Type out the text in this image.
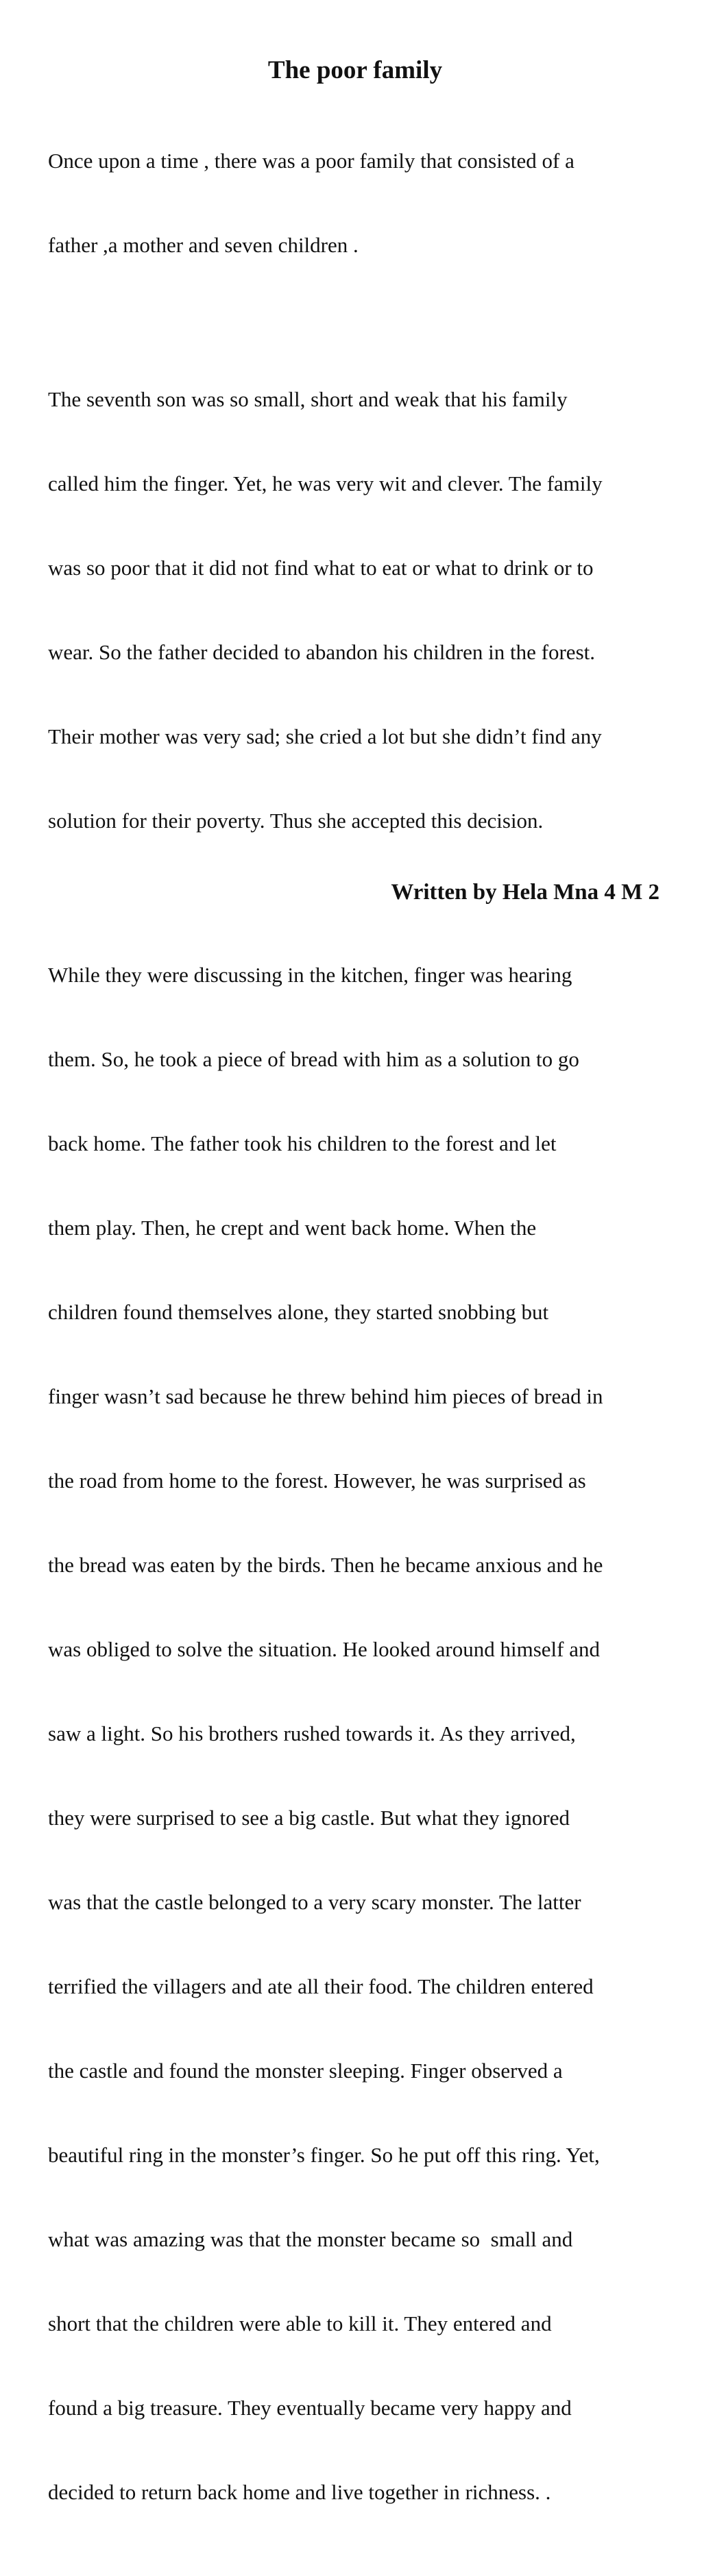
The poor family

Once upon a time , there was a poor family that consisted of a

father ,a mother and seven children .

The seventh son was so small, short and weak that his family

called him the finger. Yet, he was very wit and clever. The family

was so poor that it did not find what to eat or what to drink or to

wear. So the father decided to abandon his children in the forest.

Their mother was very sad; she cried a lot but she didn’t find any

solution for their poverty. Thus she accepted this decision.

While they were discussing in the kitchen, finger was hearing

them. So, he took a piece of bread with him as a solution to go

back home. The father took his children to the forest and let

them play. Then, he crept and went back home. When the

children found themselves alone, they started snobbing but

finger wasn’t sad because he threw behind him pieces of bread in

the road from home to the forest. However, he was surprised as

the bread was eaten by the birds. Then he became anxious and he

was obliged to solve the situation. He looked around himself and

saw a light. So his brothers rushed towards it. As they arrived,

they were surprised to see a big castle. But what they ignored

was that the castle belonged to a very scary monster. The latter

terrified the villagers and ate all their food. The children entered

the castle and found the monster sleeping. Finger observed a

beautiful ring in the monster’s finger. So he put off this ring. Yet,

what was amazing was that the monster became so  small and

short that the children were able to kill it. They entered and

found a big treasure. They eventually became very happy and

decided to return back home and live together in richness. .

Written by Hela Mna 4 M 2
